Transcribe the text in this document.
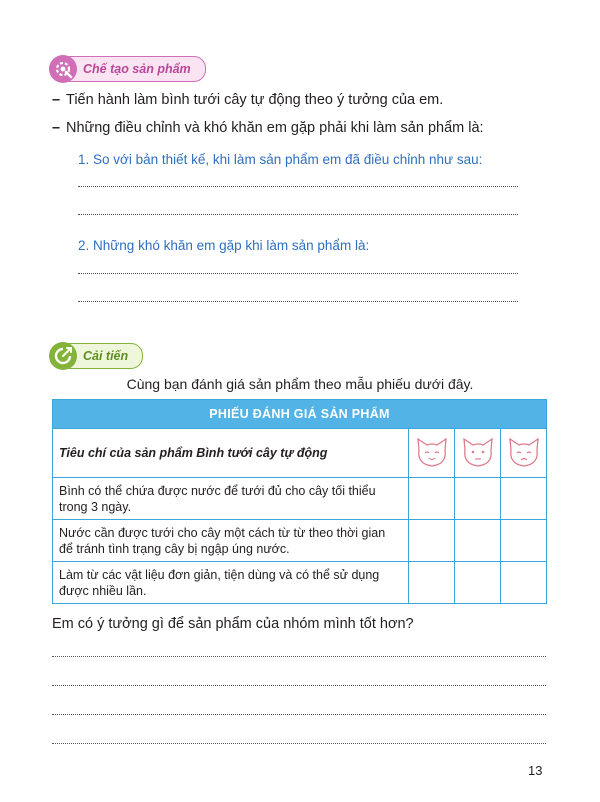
Chế tạo sản phẩm
– Tiến hành làm bình tưới cây tự động theo ý tưởng của em.
– Những điều chỉnh và khó khăn em gặp phải khi làm sản phẩm là:
1. So với bản thiết kế, khi làm sản phẩm em đã điều chỉnh như sau:
2. Những khó khăn em gặp khi làm sản phẩm là:
Cải tiến
Cùng bạn đánh giá sản phẩm theo mẫu phiếu dưới đây.
PHIẾU ĐÁNH GIÁ SẢN PHẨM			
Tiêu chí của sản phẩm Bình tưới cây tự động	

Bình có thể chứa được nước để tưới đủ cho cây tối thiểu trong 3 ngày.			
Nước cần được tưới cho cây một cách từ từ theo thời gian để tránh tình trạng cây bị ngập úng nước.			
Làm từ các vật liệu đơn giản, tiện dùng và có thể sử dụng được nhiều lần.			
Em có ý tưởng gì để sản phẩm của nhóm mình tốt hơn?
13
